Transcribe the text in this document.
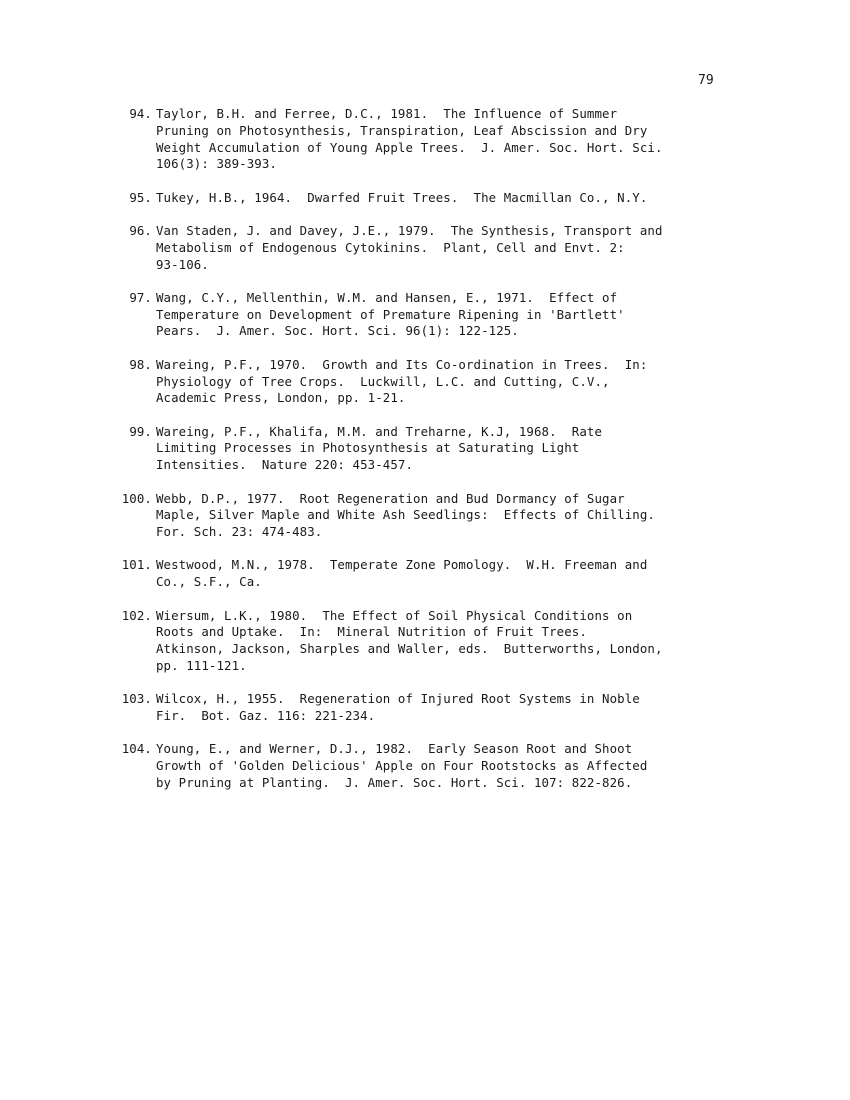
79
94. Taylor, B.H. and Ferree, D.C., 1981.  The Influence of Summer
Pruning on Photosynthesis, Transpiration, Leaf Abscission and Dry
Weight Accumulation of Young Apple Trees.  J. Amer. Soc. Hort. Sci.
106(3): 389-393.
95. Tukey, H.B., 1964.  Dwarfed Fruit Trees.  The Macmillan Co., N.Y.
96. Van Staden, J. and Davey, J.E., 1979.  The Synthesis, Transport and
Metabolism of Endogenous Cytokinins.  Plant, Cell and Envt. 2:
93-106.
97. Wang, C.Y., Mellenthin, W.M. and Hansen, E., 1971.  Effect of
Temperature on Development of Premature Ripening in 'Bartlett'
Pears.  J. Amer. Soc. Hort. Sci. 96(1): 122-125.
98. Wareing, P.F., 1970.  Growth and Its Co-ordination in Trees.  In:
Physiology of Tree Crops.  Luckwill, L.C. and Cutting, C.V.,
Academic Press, London, pp. 1-21.
99. Wareing, P.F., Khalifa, M.M. and Treharne, K.J, 1968.  Rate
Limiting Processes in Photosynthesis at Saturating Light
Intensities.  Nature 220: 453-457.
100. Webb, D.P., 1977.  Root Regeneration and Bud Dormancy of Sugar
Maple, Silver Maple and White Ash Seedlings:  Effects of Chilling.
For. Sch. 23: 474-483.
101. Westwood, M.N., 1978.  Temperate Zone Pomology.  W.H. Freeman and
Co., S.F., Ca.
102. Wiersum, L.K., 1980.  The Effect of Soil Physical Conditions on
Roots and Uptake.  In:  Mineral Nutrition of Fruit Trees.
Atkinson, Jackson, Sharples and Waller, eds.  Butterworths, London,
pp. 111-121.
103. Wilcox, H., 1955.  Regeneration of Injured Root Systems in Noble
Fir.  Bot. Gaz. 116: 221-234.
104. Young, E., and Werner, D.J., 1982.  Early Season Root and Shoot
Growth of 'Golden Delicious' Apple on Four Rootstocks as Affected
by Pruning at Planting.  J. Amer. Soc. Hort. Sci. 107: 822-826.
